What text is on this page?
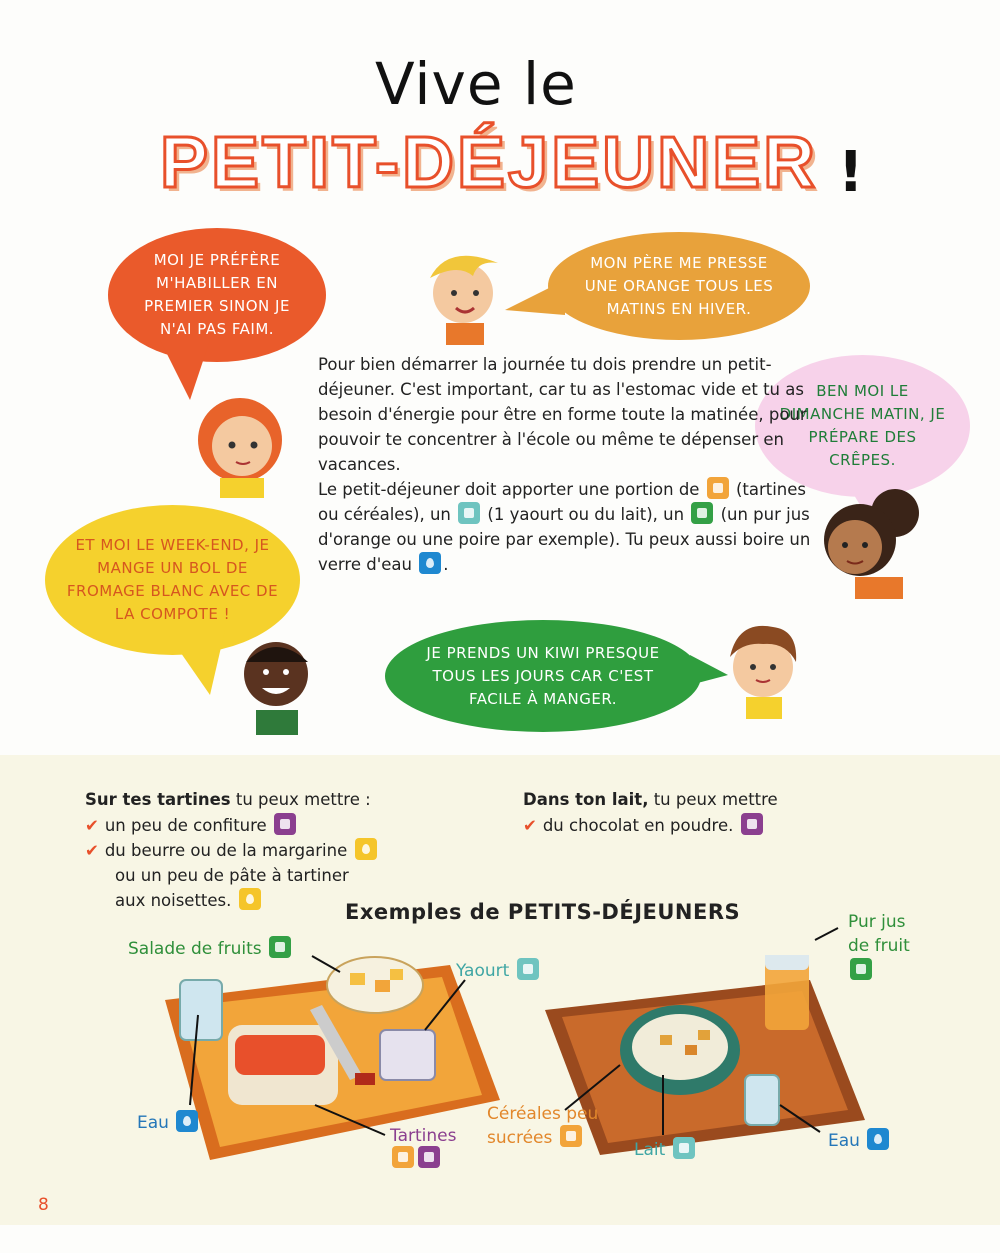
Vive le
PETIT-DÉJEUNER !
MOI JE PRÉFÈRE M'HABILLER EN PREMIER SINON JE N'AI PAS FAIM.
MON PÈRE ME PRESSE UNE ORANGE TOUS LES MATINS EN HIVER.
BEN MOI LE DIMANCHE MATIN, JE PRÉPARE DES CRÊPES.
ET MOI LE WEEK-END, JE MANGE UN BOL DE FROMAGE BLANC AVEC DE LA COMPOTE !
JE PRENDS UN KIWI PRESQUE TOUS LES JOURS CAR C'EST FACILE À MANGER.
Pour bien démarrer la journée tu dois prendre un petit-déjeuner. C'est important, car tu as l'estomac vide et tu as besoin d'énergie pour être en forme toute la matinée, pour pouvoir te concentrer à l'école ou même te dépenser en vacances.
Le petit-déjeuner doit apporter une portion de (tartines ou céréales), un (1 yaourt ou du lait), un (un pur jus d'orange ou une poire par exemple). Tu peux aussi boire un verre d'eau .
Sur tes tartines tu peux mettre :
✔ un peu de confiture
✔ du beurre ou de la margarine
ou un peu de pâte à tartiner
aux noisettes.
Dans ton lait, tu peux mettre
✔ du chocolat en poudre.
Exemples de PETITS-DÉJEUNERS
Salade de fruits
Yaourt
Pur jus
de fruit
Eau
Tartines
Céréales peu
sucrées
Lait	Eau
8
